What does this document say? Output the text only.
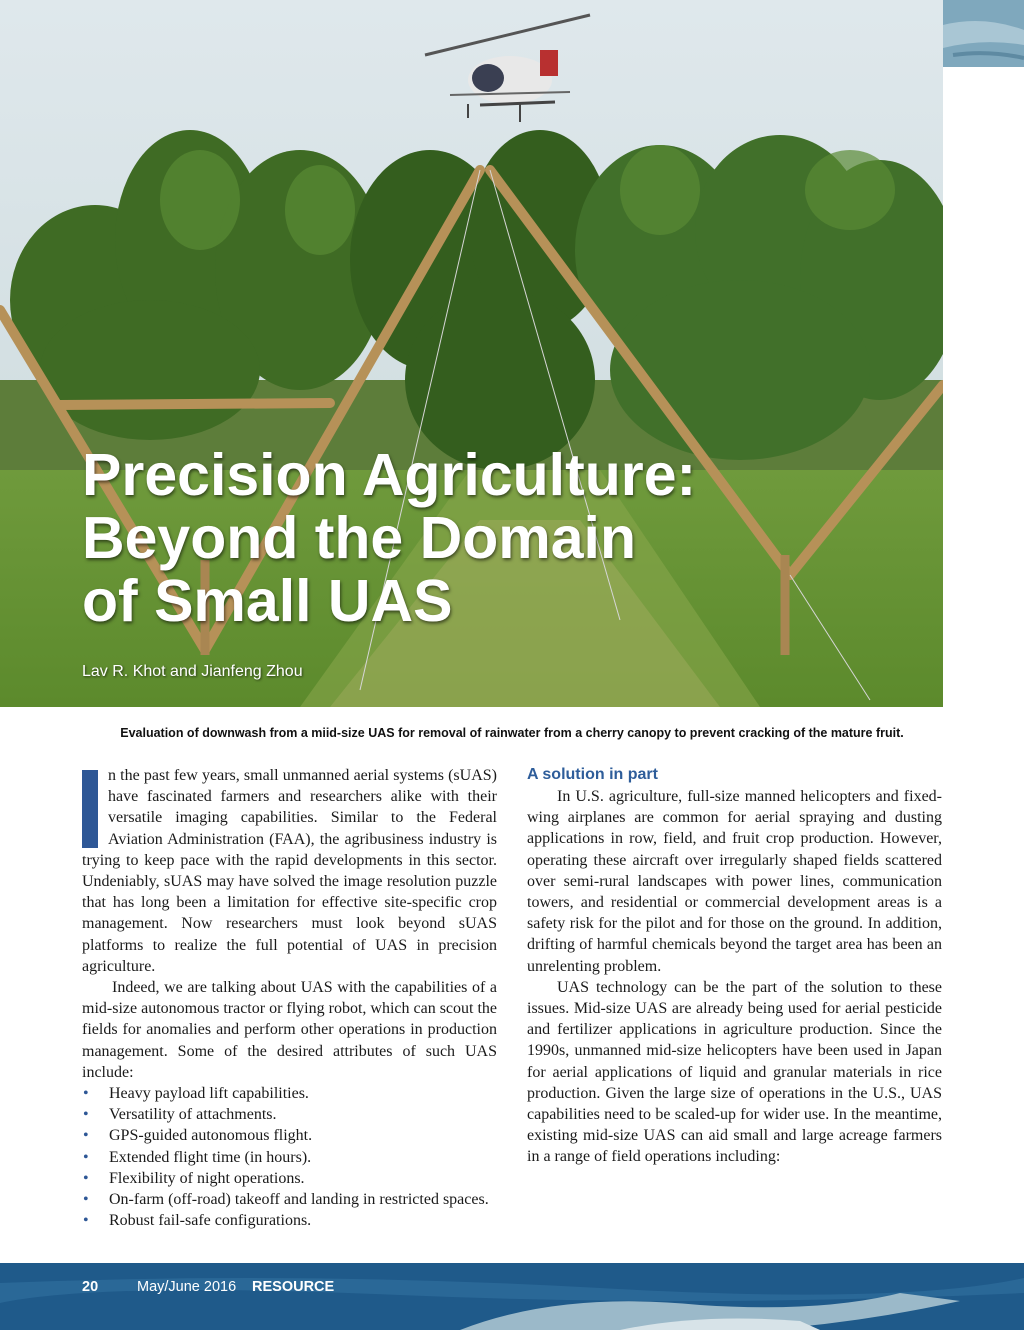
Precision Agriculture:
Beyond the Domain
of Small UAS
Lav R. Khot and Jianfeng Zhou
Evaluation of downwash from a miid-size UAS for removal of rainwater from a cherry canopy to prevent cracking of the mature fruit.

n the past few years, small unmanned aerial systems (sUAS) have fascinated farmers and researchers alike with their versatile imaging capabilities. Similar to the Federal Aviation Administration (FAA), the agribusiness industry is trying to keep pace with the rapid developments in this sector. Undeniably, sUAS may have solved the image resolution puzzle that has long been a limitation for effective site-specific crop management. Now researchers must look beyond sUAS platforms to realize the full potential of UAS in precision agriculture.

Indeed, we are talking about UAS with the capabilities of a mid-size autonomous tractor or flying robot, which can scout the fields for anomalies and perform other operations in production management. Some of the desired attributes of such UAS include:

• Heavy payload lift capabilities.
• Versatility of attachments.
• GPS-guided autonomous flight.
• Extended flight time (in hours).
• Flexibility of night operations.
• On-farm (off-road) takeoff and landing in restricted spaces.
• Robust fail-safe configurations.
A solution in part

In U.S. agriculture, full-size manned helicopters and fixed-wing airplanes are common for aerial spraying and dusting applications in row, field, and fruit crop production. However, operating these aircraft over irregularly shaped fields scattered over semi-rural landscapes with power lines, communication towers, and residential or commercial development areas is a safety risk for the pilot and for those on the ground. In addition, drifting of harmful chemicals beyond the target area has been an unrelenting problem.

UAS technology can be the part of the solution to these issues. Mid-size UAS are already being used for aerial pesticide and fertilizer applications in agriculture production. Since the 1990s, unmanned mid-size helicopters have been used in Japan for aerial applications of liquid and granular materials in rice production. Given the large size of operations in the U.S., UAS capabilities need to be scaled-up for wider use. In the meantime, existing mid-size UAS can aid small and large acreage farmers in a range of field operations including:

20	May/June 2016 RESOURCE
